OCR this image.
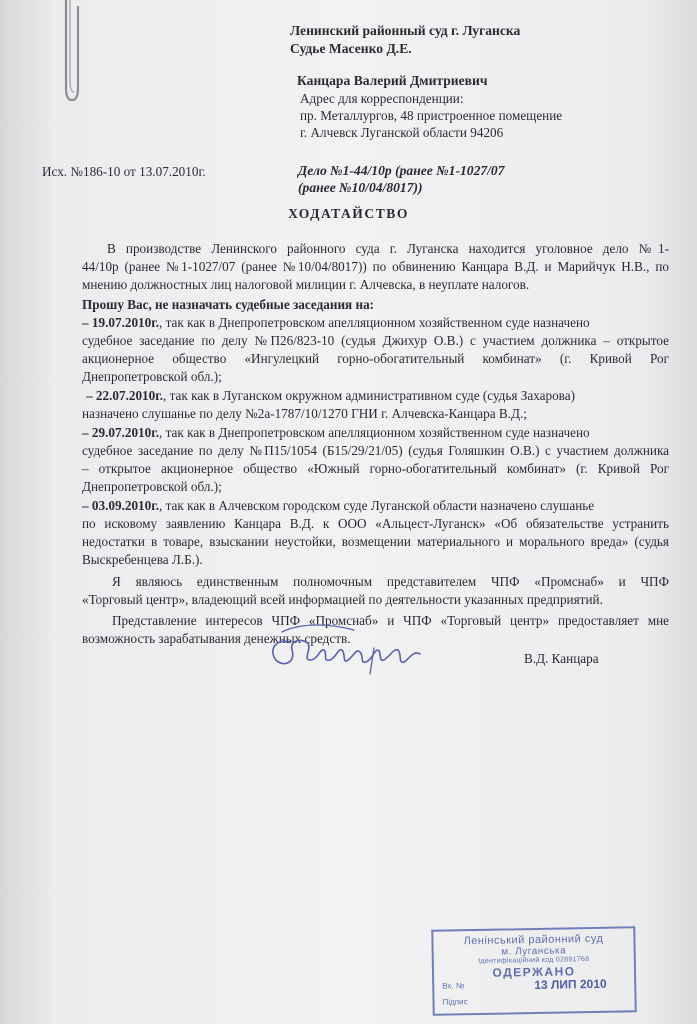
Ленинский районный суд г. Луганска
Судье Масенко Д.Е.
Канцара Валерий Дмитриевич
Адрес для корреспонденции:
пр. Металлургов, 48 пристроенное помещение
г. Алчевск Луганской области 94206
Исх. №186-10 от 13.07.2010г.	Дело №1-44/10р (ранее №1-1027/07
(ранее №10/04/8017))
ХОДАТАЙСТВО
В производстве Ленинского районного суда г. Луганска находится уголовное дело №1-
44/10р (ранее №1-1027/07 (ранее №10/04/8017)) по обвинению Канцара В.Д. и Марийчук Н.В., по
мнению должностных лиц налоговой милиции г. Алчевска, в неуплате налогов.
Прошу Вас, не назначать судебные заседания на:
– 19.07.2010г., так как в Днепропетровском апелляционном хозяйственном суде назначено
судебное заседание по делу №П26/823-10 (судья Джихур О.В.) с участием должника – открытое
акционерное общество «Ингулецкий горно-обогатительный комбинат» (г. Кривой Рог
Днепропетровской обл.);
– 22.07.2010г., так как в Луганском окружном административном суде (судья Захарова)
назначено слушанье по делу №2а-1787/10/1270 ГНИ г. Алчевска-Канцара В.Д.;
– 29.07.2010г., так как в Днепропетровском апелляционном хозяйственном суде назначено
судебное заседание по делу №П15/1054 (Б15/29/21/05) (судья Голяшкин О.В.) с участием должника
– открытое акционерное общество «Южный горно-обогатительный комбинат» (г. Кривой Рог
Днепропетровской обл.);
– 03.09.2010г., так как в Алчевском городском суде Луганской области назначено слушанье
по исковому заявлению Канцара В.Д. к ООО «Альцест-Луганск» «Об обязательстве устранить
недостатки в товаре, взыскании неустойки, возмещении материального и морального вреда» (судья
Выскребенцева Л.Б.).
Я являюсь единственным полномочным представителем ЧПФ «Промснаб» и ЧПФ
«Торговый центр», владеющий всей информацией по деятельности указанных предприятий.
Представление интересов ЧПФ «Промснаб» и ЧПФ «Торговый центр» предоставляет мне
возможность зарабатывания денежных средств.
В.Д. Канцара
Ленінський районний суд
м. Луганська
Ідентифікаційний код 02891768
ОДЕРЖАНО
Вх. №	13 ЛИП 2010
Підпис
